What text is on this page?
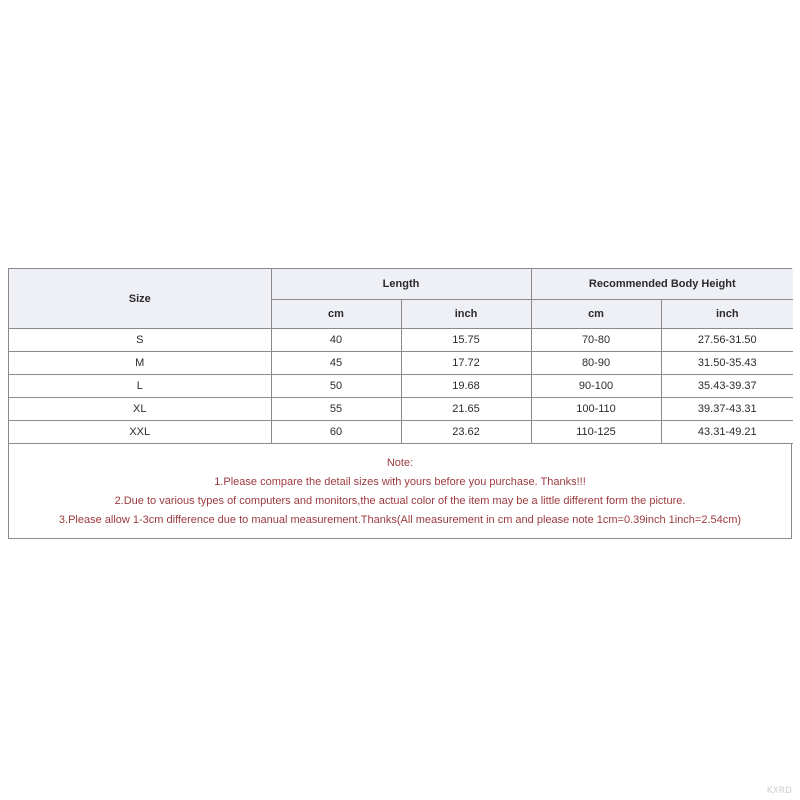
Size	Length		Recommended Body Height	
	cm	inch	cm	inch
S	40	15.75	70-80	27.56-31.50
M	45	17.72	80-90	31.50-35.43
L	50	19.68	90-100	35.43-39.37
XL	55	21.65	100-110	39.37-43.31
XXL	60	23.62	110-125	43.31-49.21
Note:
1.Please compare the detail sizes with yours before you purchase. Thanks!!!
2.Due to various types of computers and monitors,the actual color of the item may be a little different form the picture.
3.Please allow 1-3cm difference due to manual measurement.Thanks(All measurement in cm and please note 1cm=0.39inch 1inch=2.54cm)
KXRD
